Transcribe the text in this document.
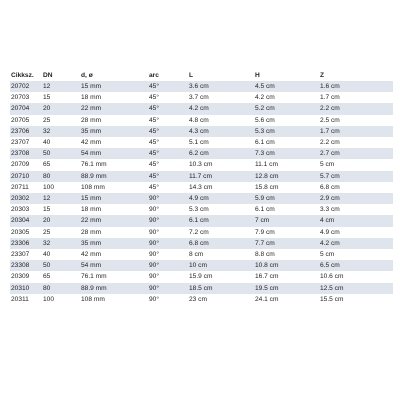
Cikksz.	DN	d, ø	arc	L	H	Z
20702	12	15 mm	45°	3.6 cm	4.5 cm	1.6 cm
20703	15	18 mm	45°	3.7 cm	4.2 cm	1.7 cm
20704	20	22 mm	45°	4.2 cm	5.2 cm	2.2 cm
20705	25	28 mm	45°	4.8 cm	5.6 cm	2.5 cm
23706	32	35 mm	45°	4.3 cm	5.3 cm	1.7 cm
23707	40	42 mm	45°	5.1 cm	6.1 cm	2.2 cm
23708	50	54 mm	45°	6.2 cm	7.3 cm	2.7 cm
20709	65	76.1 mm	45°	10.3 cm	11.1 cm	5 cm
20710	80	88.9 mm	45°	11.7 cm	12.8 cm	5.7 cm
20711	100	108 mm	45°	14.3 cm	15.8 cm	6.8 cm
20302	12	15 mm	90°	4.9 cm	5.9 cm	2.9 cm
20303	15	18 mm	90°	5.3 cm	6.1 cm	3.3 cm
20304	20	22 mm	90°	6.1 cm	7 cm	4 cm
20305	25	28 mm	90°	7.2 cm	7.9 cm	4.9 cm
23306	32	35 mm	90°	6.8 cm	7.7 cm	4.2 cm
23307	40	42 mm	90°	8 cm	8.8 cm	5 cm
23308	50	54 mm	90°	10 cm	10.8 cm	6.5 cm
20309	65	76.1 mm	90°	15.9 cm	16.7 cm	10.6 cm
20310	80	88.9 mm	90°	18.5 cm	19.5 cm	12.5 cm
20311	100	108 mm	90°	23 cm	24.1 cm	15.5 cm
